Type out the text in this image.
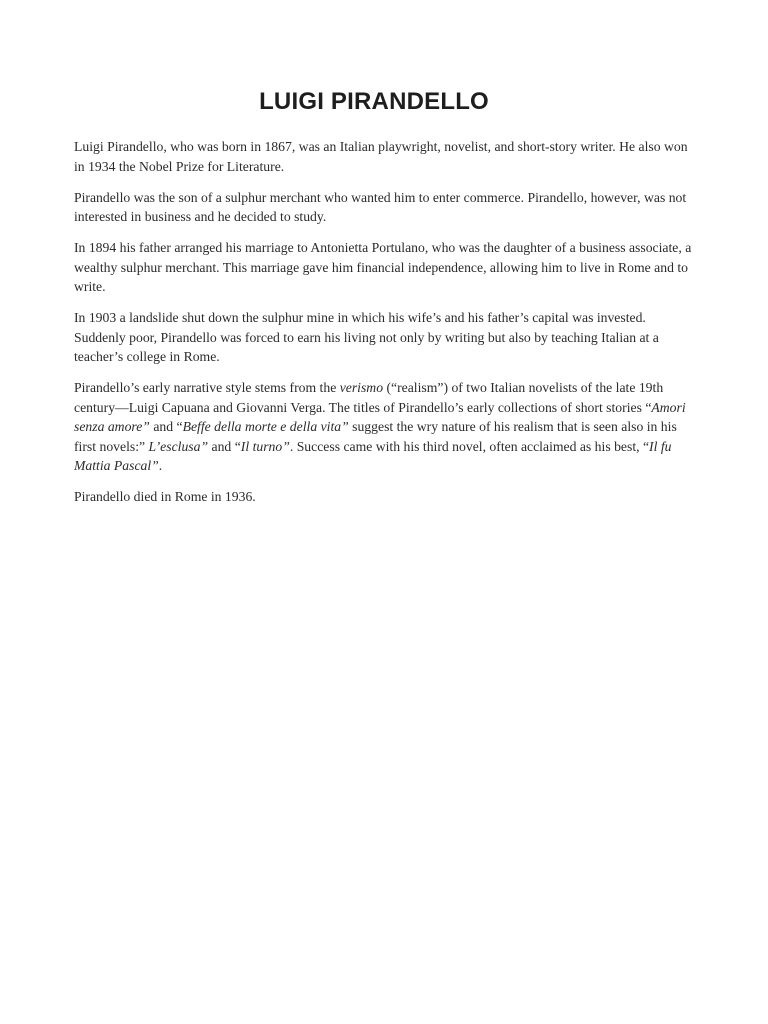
LUIGI PIRANDELLO

Luigi Pirandello, who was born in 1867, was an Italian playwright, novelist, and short-story writer. He also won in 1934 the Nobel Prize for Literature.

Pirandello was the son of a sulphur merchant who wanted him to enter commerce. Pirandello, however, was not interested in business and he decided to study.

In 1894 his father arranged his marriage to Antonietta Portulano, who was the daughter of a business associate, a wealthy sulphur merchant. This marriage gave him financial independence, allowing him to live in Rome and to write.

In 1903 a landslide shut down the sulphur mine in which his wife’s and his father’s capital was invested. Suddenly poor, Pirandello was forced to earn his living not only by writing but also by teaching Italian at a teacher’s college in Rome.

Pirandello’s early narrative style stems from the verismo (“realism”) of two Italian novelists of the late 19th century—Luigi Capuana and Giovanni Verga. The titles of Pirandello’s early collections of short stories “Amori senza amore” and “Beffe della morte e della vita” suggest the wry nature of his realism that is seen also in his first novels:” L’esclusa” and “Il turno”. Success came with his third novel, often acclaimed as his best, “Il fu Mattia Pascal”.

Pirandello died in Rome in 1936.
